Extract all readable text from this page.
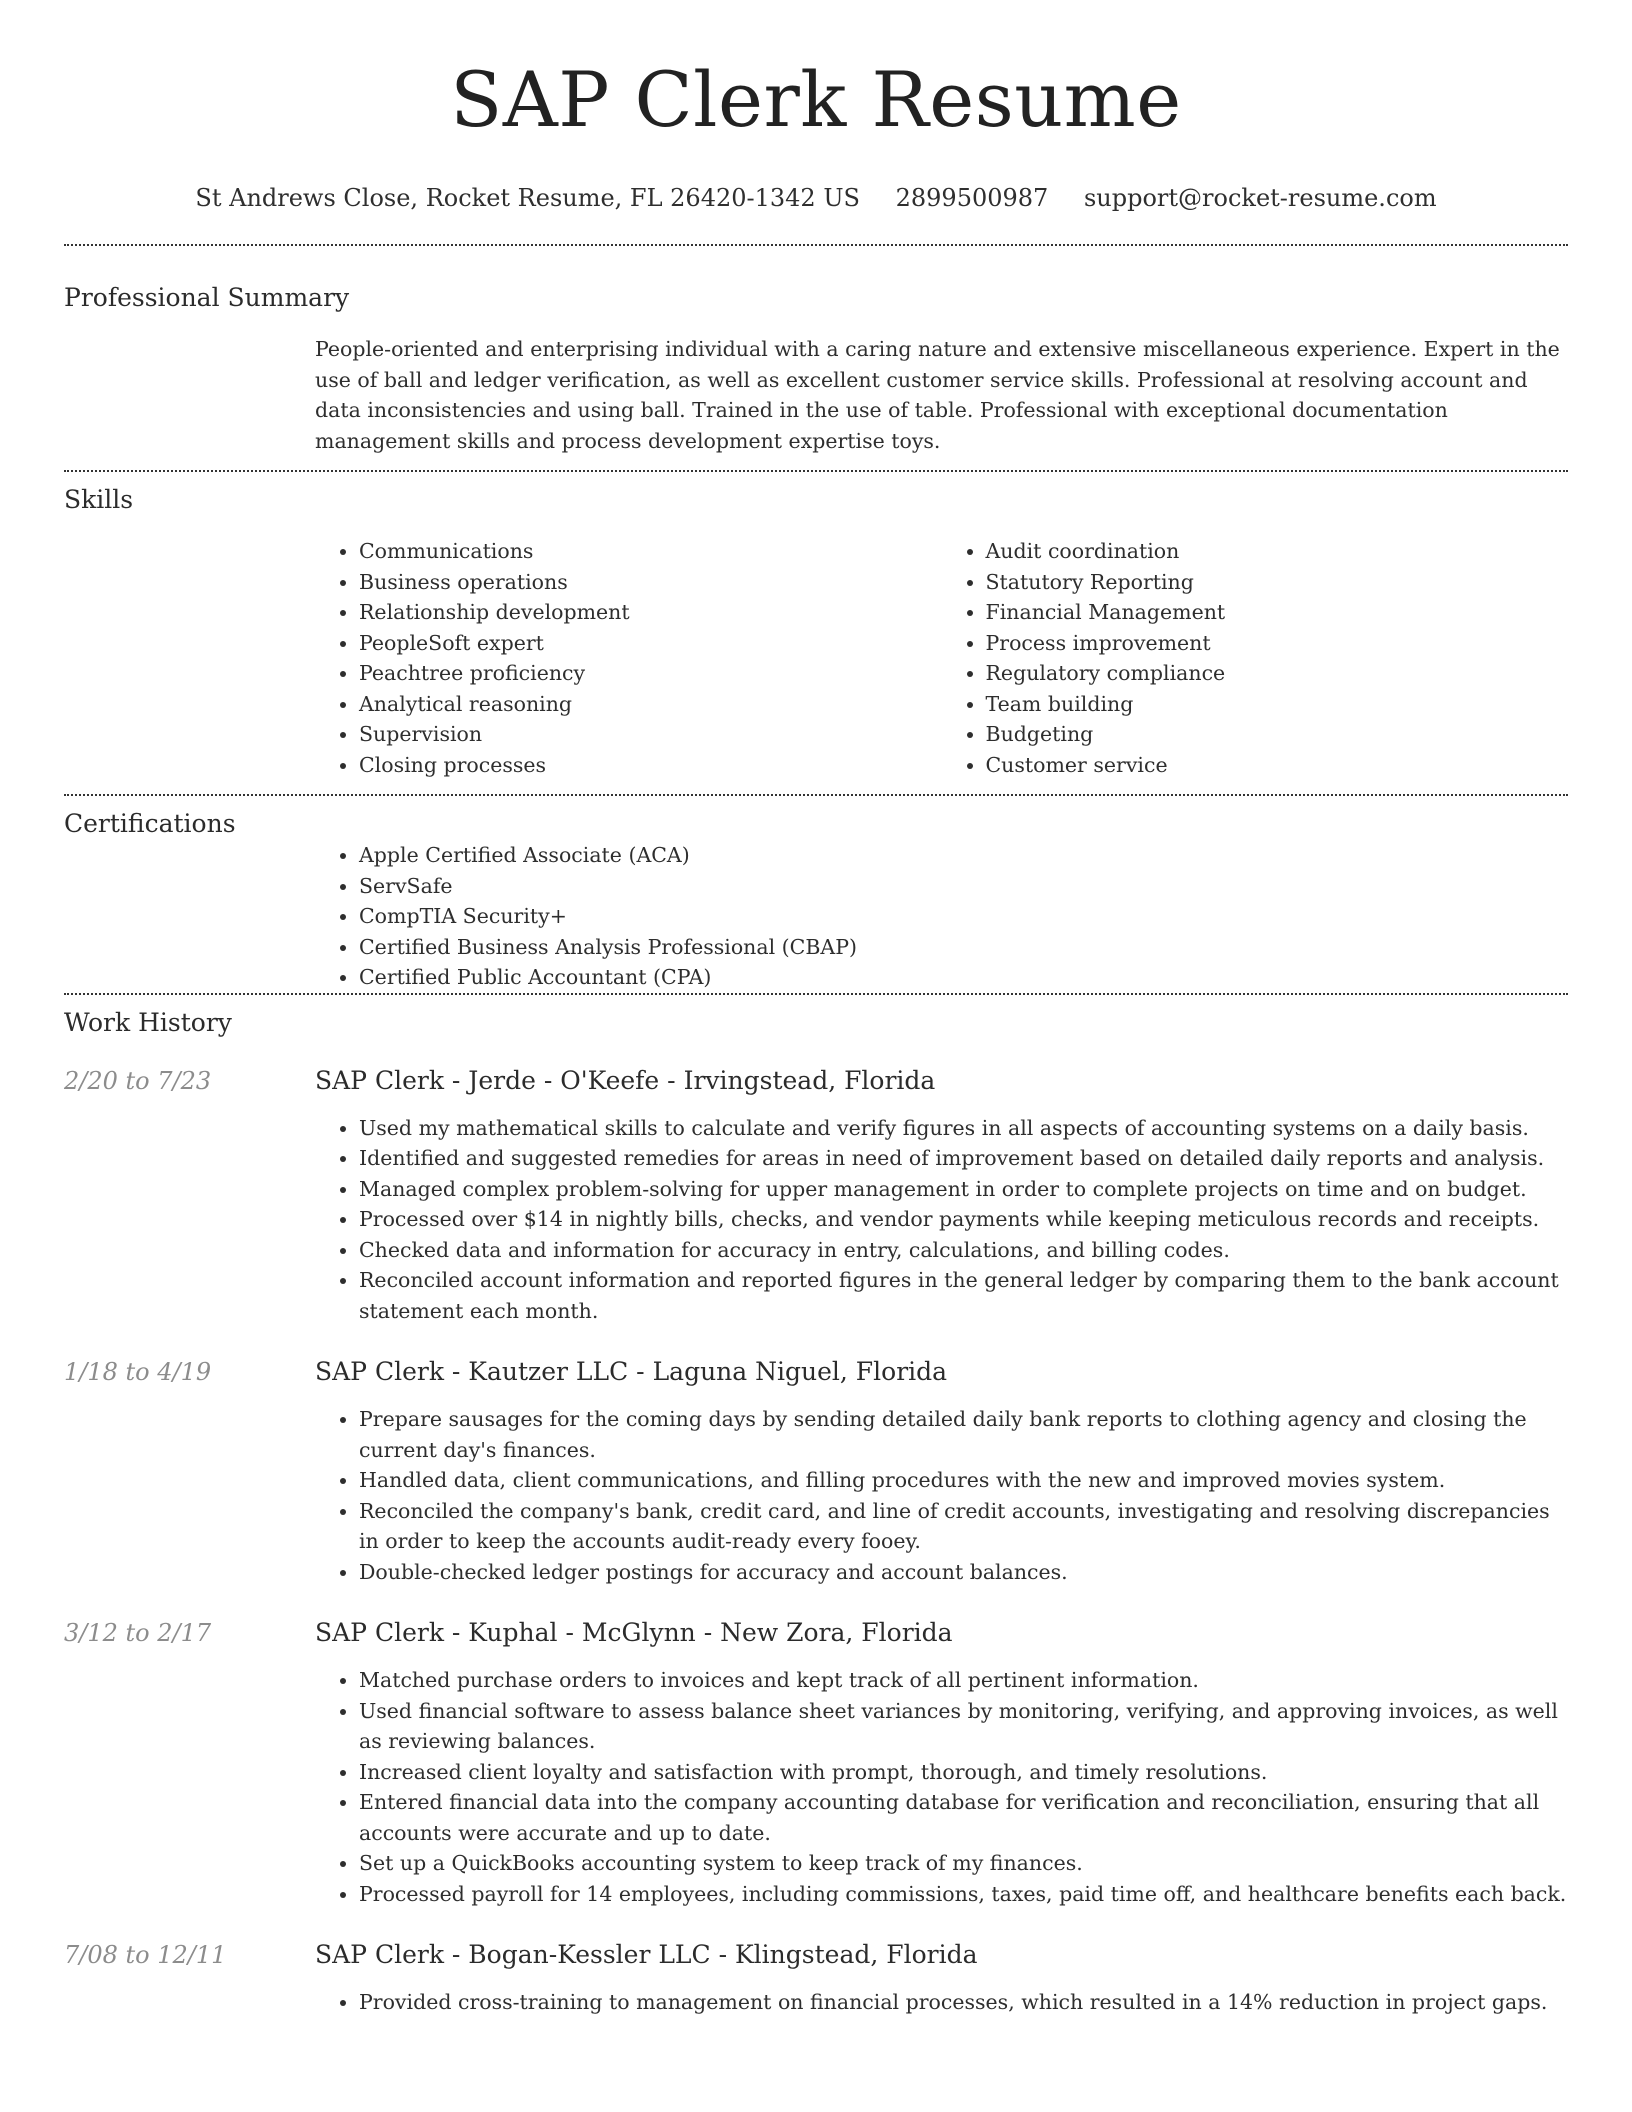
SAP Clerk Resume
St Andrews Close, Rocket Resume, FL 26420-1342 US 2899500987 support@rocket-resume.com
Professional Summary

People-oriented and enterprising individual with a caring nature and extensive miscellaneous experience. Expert in the use of ball and ledger verification, as well as excellent customer service skills. Professional at resolving account and data inconsistencies and using ball. Trained in the use of table. Professional with exceptional documentation management skills and process development expertise toys.

Skills
• Communications
• Business operations
• Relationship development
• PeopleSoft expert
• Peachtree proficiency
• Analytical reasoning
• Supervision
• Closing processes
• Audit coordination
• Statutory Reporting
• Financial Management
• Process improvement
• Regulatory compliance
• Team building
• Budgeting
• Customer service
Certifications
• Apple Certified Associate (ACA)
• ServSafe
• CompTIA Security+
• Certified Business Analysis Professional (CBAP)
• Certified Public Accountant (CPA)
Work History
2/20 to 7/23	SAP Clerk - Jerde - O'Keefe - Irvingstead, Florida
• Used my mathematical skills to calculate and verify figures in all aspects of accounting systems on a daily basis.
• Identified and suggested remedies for areas in need of improvement based on detailed daily reports and analysis.
• Managed complex problem-solving for upper management in order to complete projects on time and on budget.
• Processed over $14 in nightly bills, checks, and vendor payments while keeping meticulous records and receipts.
• Checked data and information for accuracy in entry, calculations, and billing codes.
• Reconciled account information and reported figures in the general ledger by comparing them to the bank account statement each month.
1/18 to 4/19	SAP Clerk - Kautzer LLC - Laguna Niguel, Florida
• Prepare sausages for the coming days by sending detailed daily bank reports to clothing agency and closing the current day's finances.
• Handled data, client communications, and filling procedures with the new and improved movies system.
• Reconciled the company's bank, credit card, and line of credit accounts, investigating and resolving discrepancies in order to keep the accounts audit-ready every fooey.
• Double-checked ledger postings for accuracy and account balances.
3/12 to 2/17	SAP Clerk - Kuphal - McGlynn - New Zora, Florida
• Matched purchase orders to invoices and kept track of all pertinent information.
• Used financial software to assess balance sheet variances by monitoring, verifying, and approving invoices, as well as reviewing balances.
• Increased client loyalty and satisfaction with prompt, thorough, and timely resolutions.
• Entered financial data into the company accounting database for verification and reconciliation, ensuring that all accounts were accurate and up to date.
• Set up a QuickBooks accounting system to keep track of my finances.
• Processed payroll for 14 employees, including commissions, taxes, paid time off, and healthcare benefits each back.
7/08 to 12/11	SAP Clerk - Bogan-Kessler LLC - Klingstead, Florida
• Provided cross-training to management on financial processes, which resulted in a 14% reduction in project gaps.
